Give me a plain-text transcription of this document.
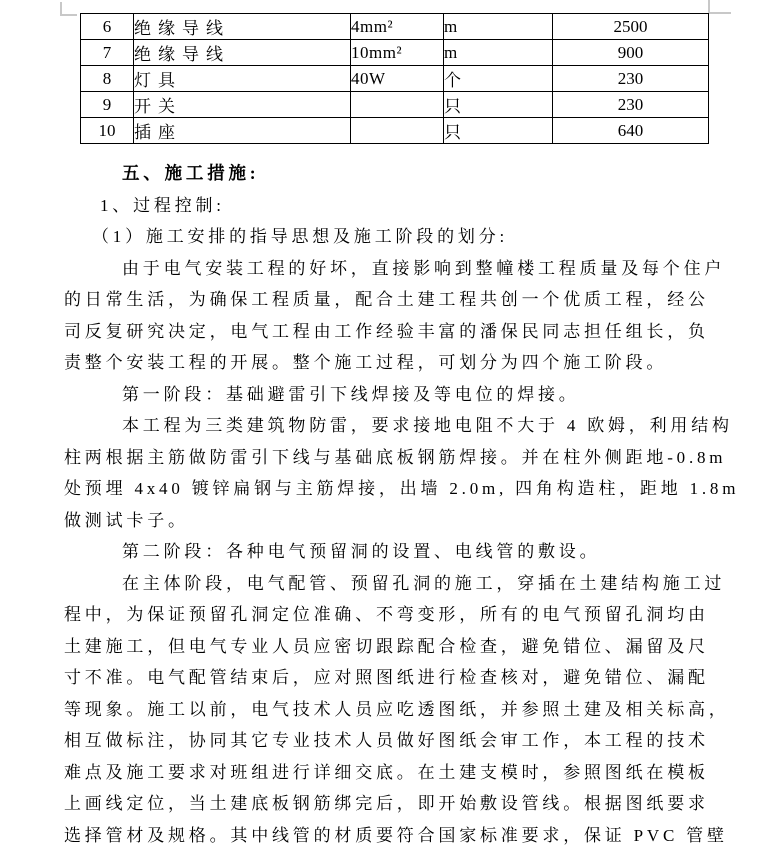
6	绝缘导线	4mm²	m	2500
7	绝缘导线	10mm²	m	900
8	灯具	40W	个	230
9	开关		只	230
10	插座		只	640
五、施工措施:
1、过程控制:
（1）施工安排的指导思想及施工阶段的划分:
由于电气安装工程的好坏，直接影响到整幢楼工程质量及每个住户
的日常生活，为确保工程质量，配合土建工程共创一个优质工程，经公
司反复研究决定，电气工程由工作经验丰富的潘保民同志担任组长，负
责整个安装工程的开展。整个施工过程，可划分为四个施工阶段。
第一阶段：基础避雷引下线焊接及等电位的焊接。
本工程为三类建筑物防雷，要求接地电阻不大于 4 欧姆，利用结构
柱两根据主筋做防雷引下线与基础底板钢筋焊接。并在柱外侧距地-0.8m
处预埋 4x40 镀锌扁钢与主筋焊接，出墙 2.0m, 四角构造柱，距地 1.8m
做测试卡子。
第二阶段：各种电气预留洞的设置、电线管的敷设。
在主体阶段，电气配管、预留孔洞的施工，穿插在土建结构施工过
程中，为保证预留孔洞定位准确、不弯变形，所有的电气预留孔洞均由
土建施工，但电气专业人员应密切跟踪配合检查，避免错位、漏留及尺
寸不准。电气配管结束后，应对照图纸进行检查核对，避免错位、漏配
等现象。施工以前，电气技术人员应吃透图纸，并参照土建及相关标高，
相互做标注，协同其它专业技术人员做好图纸会审工作，本工程的技术
难点及施工要求对班组进行详细交底。在土建支模时，参照图纸在模板
上画线定位，当土建底板钢筋绑完后，即开始敷设管线。根据图纸要求
选择管材及规格。其中线管的材质要符合国家标准要求，保证 PVC 管壁
